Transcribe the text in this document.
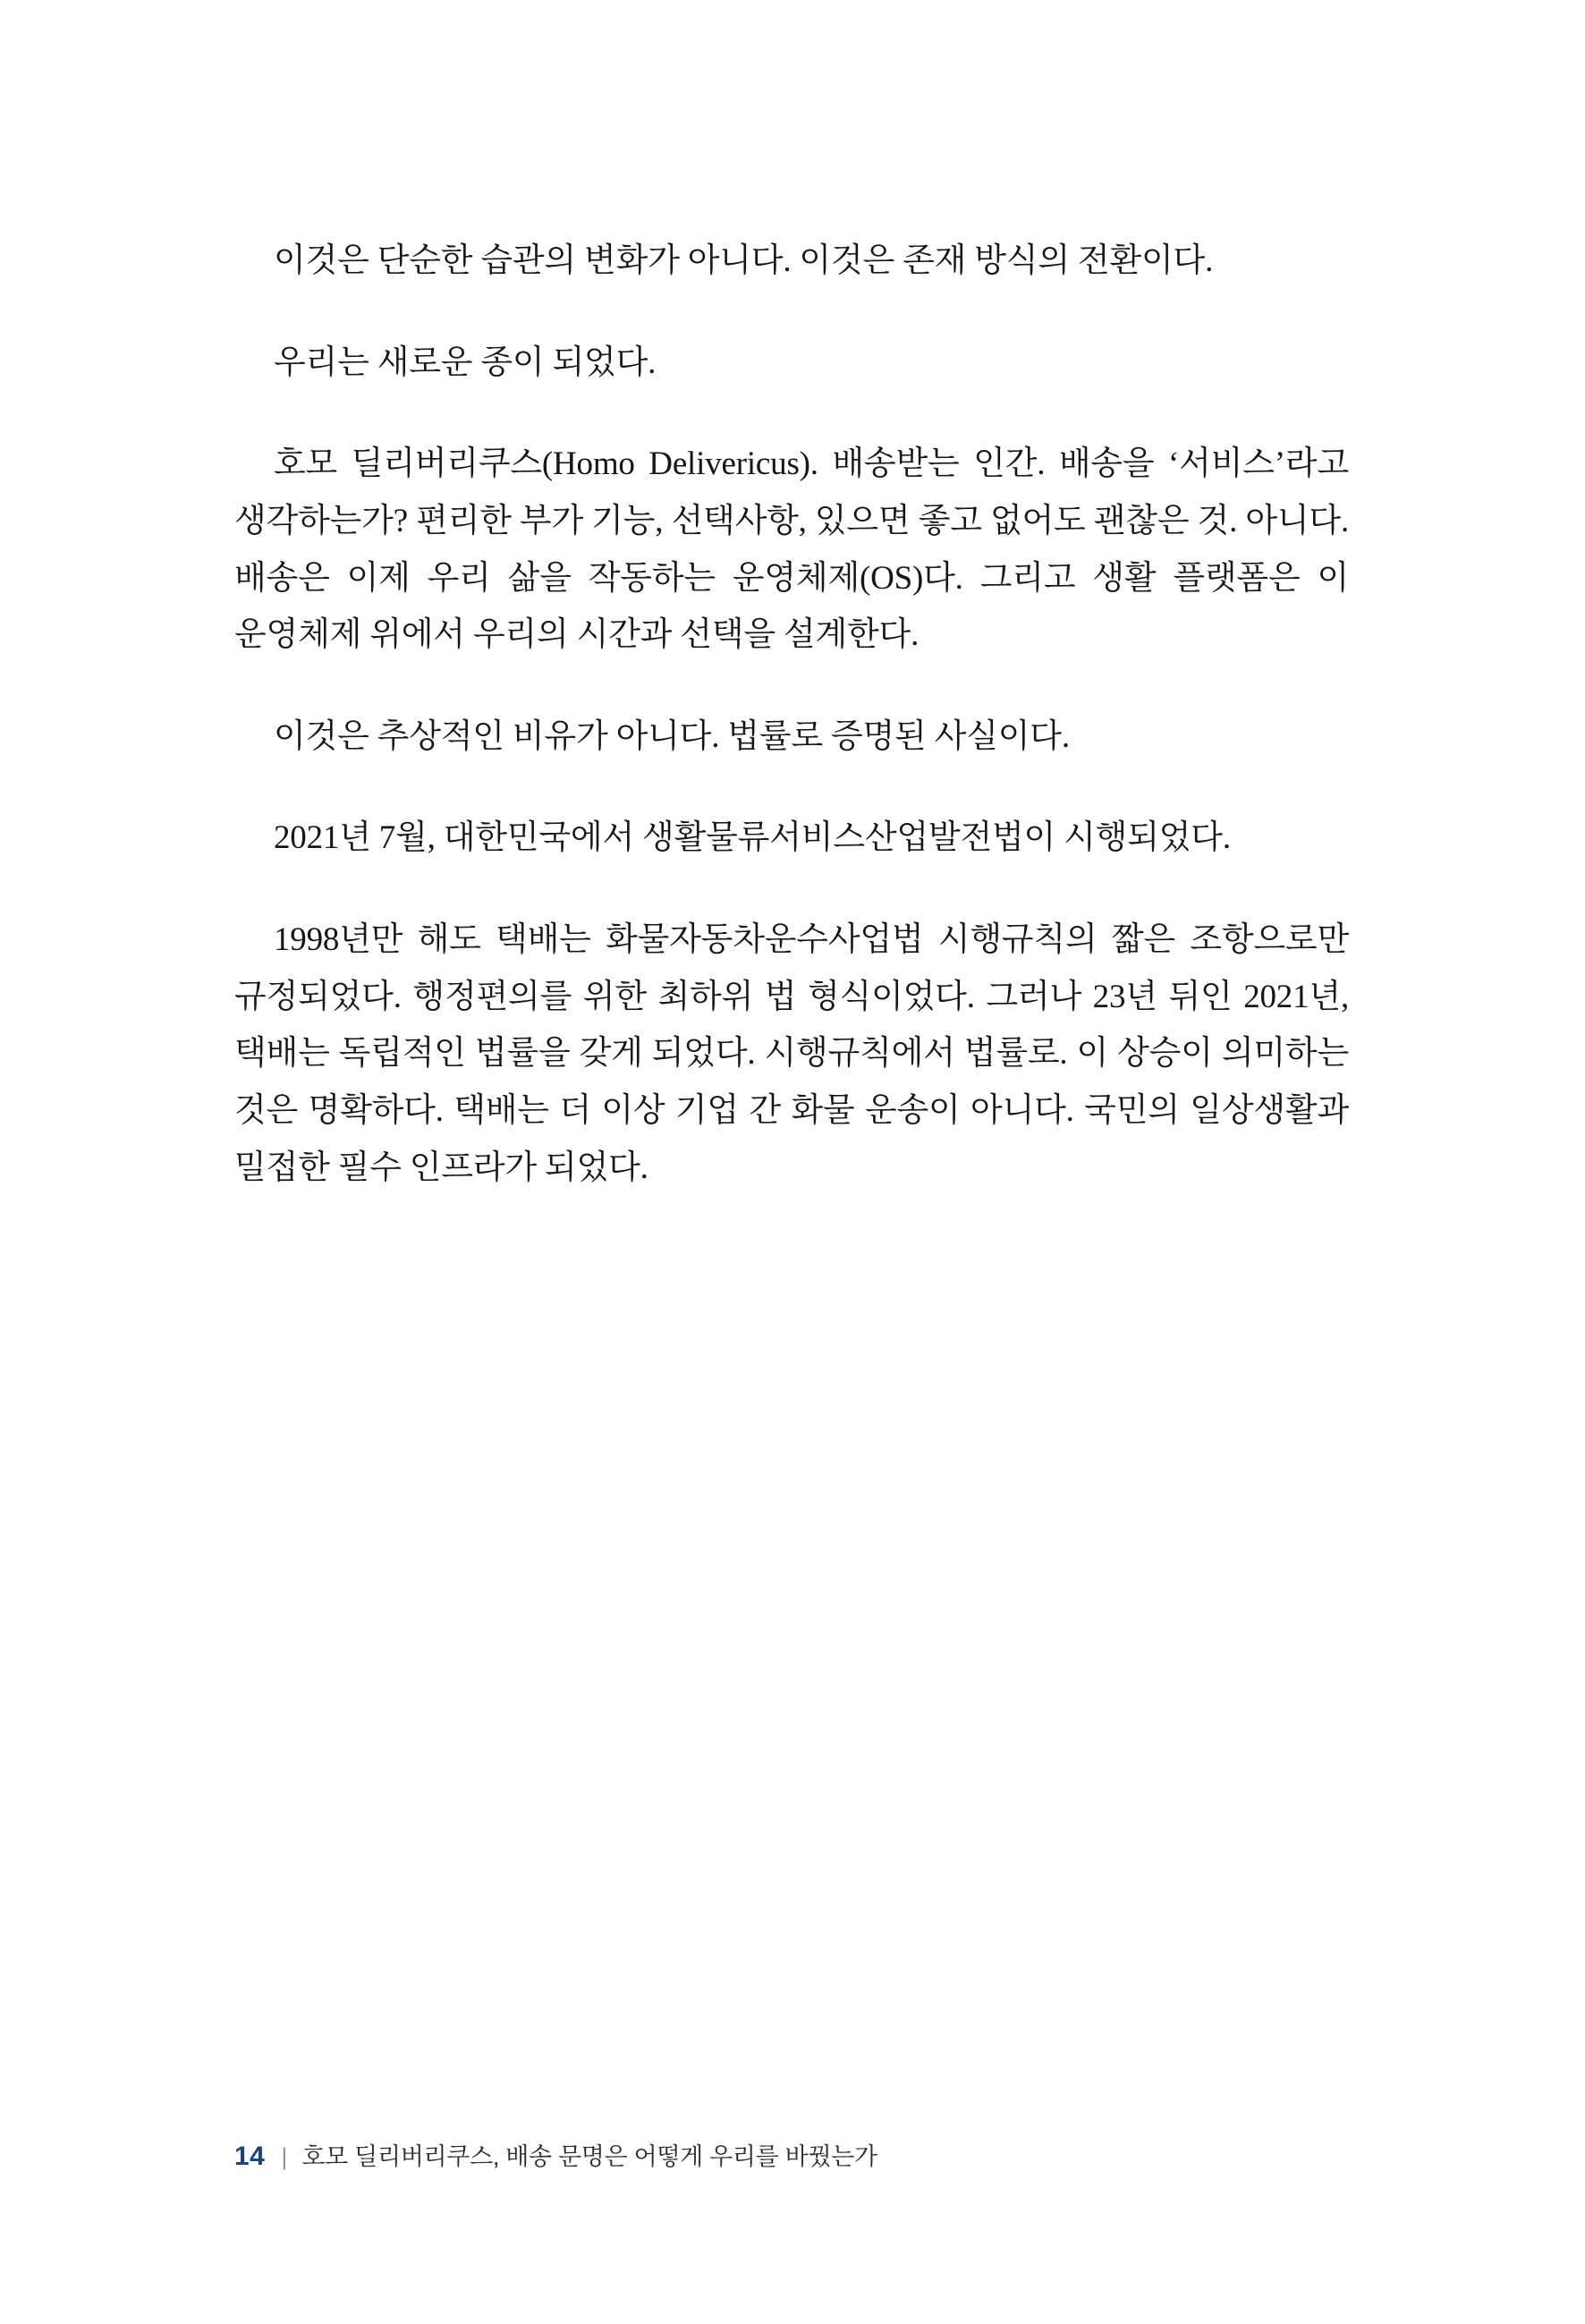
이것은 단순한 습관의 변화가 아니다. 이것은 존재 방식의 전환이다.

우리는 새로운 종이 되었다.

호모 딜리버리쿠스(Homo Delivericus). 배송받는 인간. 배송을 ‘서비스’라고 생각하는가? 편리한 부가 기능, 선택사항, 있으면 좋고 없어도 괜찮은 것. 아니다. 배송은 이제 우리 삶을 작동하는 운영체제(OS)다. 그리고 생활 플랫폼은 이 운영체제 위에서 우리의 시간과 선택을 설계한다.

이것은 추상적인 비유가 아니다. 법률로 증명된 사실이다.

2021년 7월, 대한민국에서 생활물류서비스산업발전법이 시행되었다.

1998년만 해도 택배는 화물자동차운수사업법 시행규칙의 짧은 조항으로만 규정되었다. 행정편의를 위한 최하위 법 형식이었다. 그러나 23년 뒤인 2021년, 택배는 독립적인 법률을 갖게 되었다. 시행규칙에서 법률로. 이 상승이 의미하는 것은 명확하다. 택배는 더 이상 기업 간 화물 운송이 아니다. 국민의 일상생활과 밀접한 필수 인프라가 되었다.

14 | 호모 딜리버리쿠스, 배송 문명은 어떻게 우리를 바꿨는가
